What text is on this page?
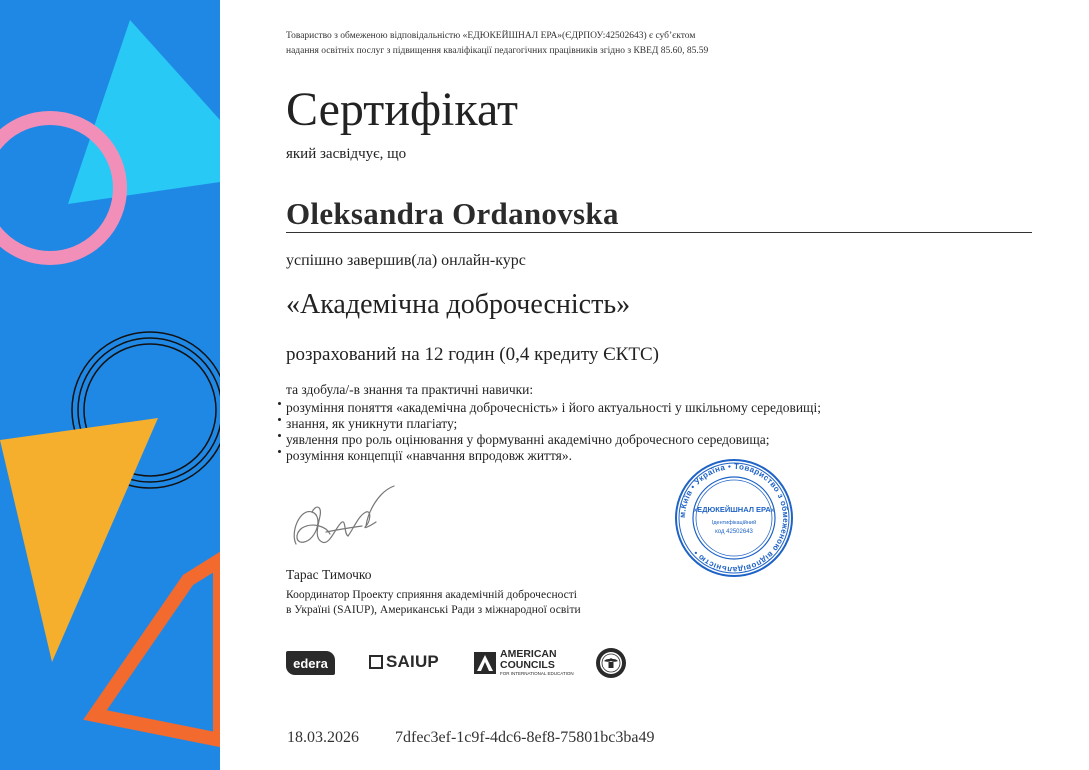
Товариство з обмеженою відповідальністю «ЕДЮКЕЙШНАЛ ЕРА»(ЄДРПОУ:42502643) є суб’єктом
надання освітніх послуг з підвищення кваліфікації педагогічних працівників згідно з КВЕД 85.60, 85.59
Сертифікат
який засвідчує, що
Oleksandra Ordanovska
успішно завершив(ла) онлайн-курс
«Академічна доброчесність»
розрахований на 12 годин (0,4 кредиту ЄКТС)
та здобула/-в знання та практичні навички:
розуміння поняття «академічна доброчесність» і його актуальності у шкільному середовищі;
знання, як уникнути плагіату;
уявлення про роль оцінювання у формуванні академічно доброчесного середовища;
розуміння концепції «навчання впродовж життя».
Тарас Тимочко
Координатор Проекту сприяння академічній доброчесності
в Україні (SAIUP), Американські Ради з міжнародної освіти
м.Київ • Україна • Товариство з обмеженою відповідальністю •
«ЕДЮКЕЙШНАЛ ЕРА»
Ідентифікаційний
код 42502643
edera	SAIUP	AMERICAN
COUNCILS
FOR INTERNATIONAL EDUCATION
18.03.2026 7dfec3ef-1c9f-4dc6-8ef8-75801bc3ba49
